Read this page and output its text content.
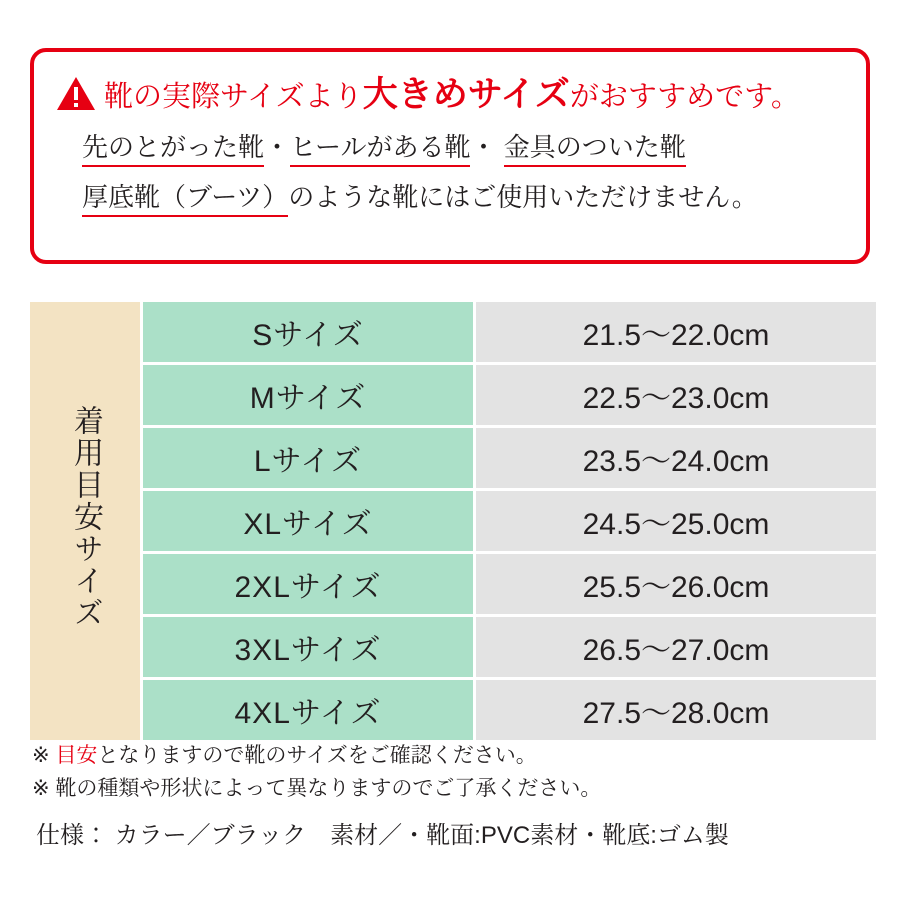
靴の実際サイズより大きめサイズがおすすめです。
先のとがった靴・ヒールがある靴・ 金具のついた靴
厚底靴（ブーツ）のような靴にはご使用いただけません。
着用目安サイズ	Sサイズ	21.5〜22.0cm
	Mサイズ	22.5〜23.0cm
	Lサイズ	23.5〜24.0cm
	XLサイズ	24.5〜25.0cm
	2XLサイズ	25.5〜26.0cm
	3XLサイズ	26.5〜27.0cm
	4XLサイズ	27.5〜28.0cm
※ 目安となりますので靴のサイズをご確認ください。
※ 靴の種類や形状によって異なりますのでご了承ください。
仕様： カラー／ブラック　素材／・靴面:PVC素材・靴底:ゴム製
